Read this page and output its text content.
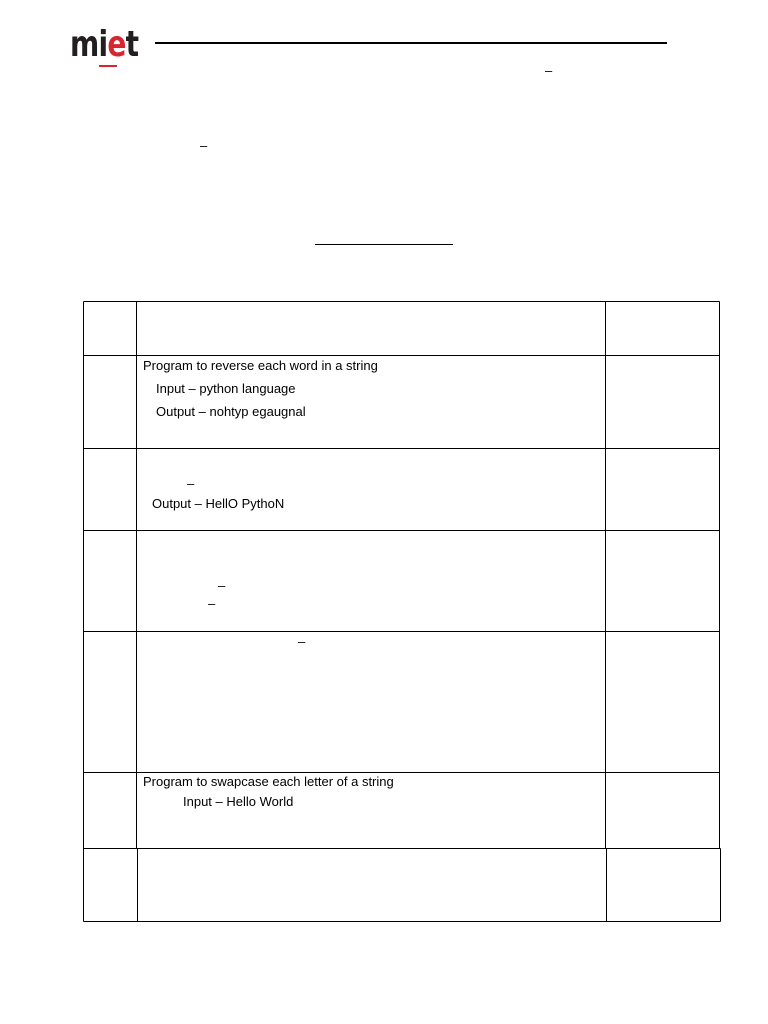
miet
–
–
Program to reverse each word in a string
Input – python language
Output – nohtyp egaugnal
–
Output – HellO PythoN
–
–
–
Program to swapcase each letter of a string
Input – Hello World
